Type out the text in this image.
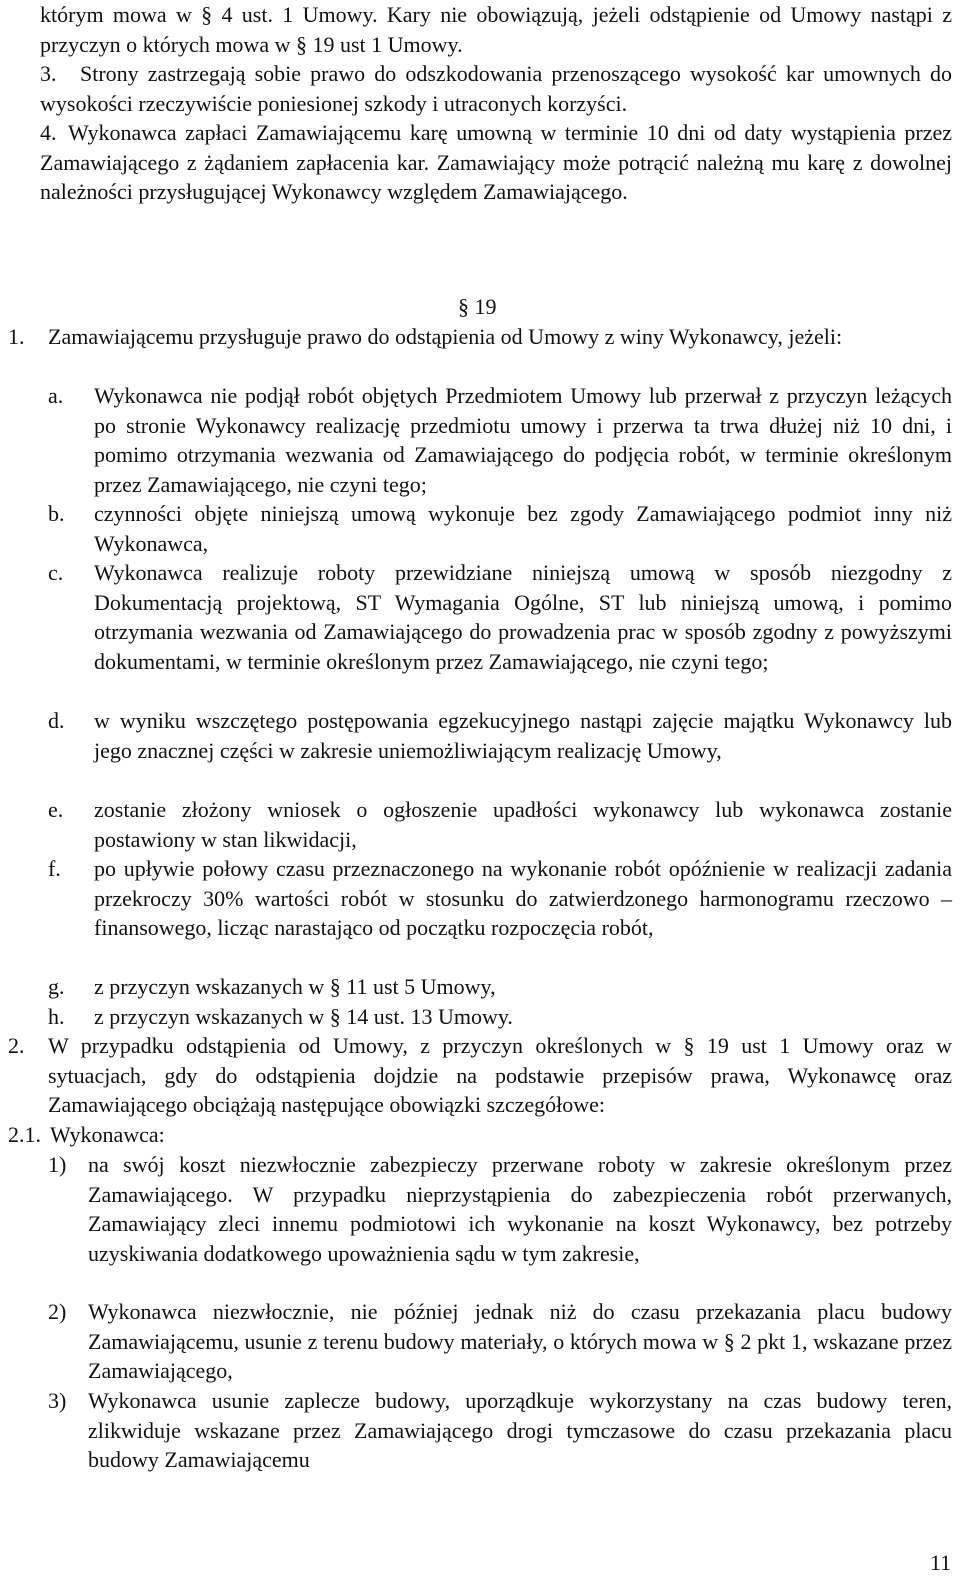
którym mowa w § 4 ust. 1 Umowy. Kary nie obowiązują, jeżeli odstąpienie od Umowy nastąpi z przyczyn o których mowa w § 19 ust 1 Umowy.
3.	Strony zastrzegają sobie prawo do odszkodowania przenoszącego wysokość kar umownych do wysokości rzeczywiście poniesionej szkody i utraconych korzyści.
4. Wykonawca zapłaci Zamawiającemu karę umowną w terminie 10 dni od daty wystąpienia przez Zamawiającego z żądaniem zapłacenia kar. Zamawiający może potrącić należną mu karę z dowolnej należności przysługującej Wykonawcy względem Zamawiającego.
§ 19
1. Zamawiającemu przysługuje prawo do odstąpienia od Umowy z winy Wykonawcy, jeżeli:
a. Wykonawca nie podjął robót objętych Przedmiotem Umowy lub przerwał z przyczyn leżących po stronie Wykonawcy realizację przedmiotu umowy i przerwa ta trwa dłużej niż 10 dni, i pomimo otrzymania wezwania od Zamawiającego do podjęcia robót, w terminie określonym przez Zamawiającego, nie czyni tego;
b. czynności objęte niniejszą umową wykonuje bez zgody Zamawiającego podmiot inny niż Wykonawca,
c. Wykonawca realizuje roboty przewidziane niniejszą umową w sposób niezgodny z Dokumentacją projektową, ST Wymagania Ogólne, ST lub niniejszą umową, i pomimo otrzymania wezwania od Zamawiającego do prowadzenia prac w sposób zgodny z powyższymi dokumentami, w terminie określonym przez Zamawiającego, nie czyni tego;
d. w wyniku wszczętego postępowania egzekucyjnego nastąpi zajęcie majątku Wykonawcy lub jego znacznej części w zakresie uniemożliwiającym realizację Umowy,
e. zostanie złożony wniosek o ogłoszenie upadłości wykonawcy lub wykonawca zostanie postawiony w stan likwidacji,
f. po upływie połowy czasu przeznaczonego na wykonanie robót opóźnienie w realizacji zadania przekroczy 30% wartości robót w stosunku do zatwierdzonego harmonogramu rzeczowo – finansowego, licząc narastająco od początku rozpoczęcia robót,
g. z przyczyn wskazanych w § 11 ust 5 Umowy,
h. z przyczyn wskazanych w § 14 ust. 13 Umowy.
2. W przypadku odstąpienia od Umowy, z przyczyn określonych w § 19 ust 1 Umowy oraz w sytuacjach, gdy do odstąpienia dojdzie na podstawie przepisów prawa, Wykonawcę oraz Zamawiającego obciążają następujące obowiązki szczegółowe:
2.1. Wykonawca:
1) na swój koszt niezwłocznie zabezpieczy przerwane roboty w zakresie określonym przez Zamawiającego. W przypadku nieprzystąpienia do zabezpieczenia robót przerwanych, Zamawiający zleci innemu podmiotowi ich wykonanie na koszt Wykonawcy, bez potrzeby uzyskiwania dodatkowego upoważnienia sądu w tym zakresie,
2) Wykonawca niezwłocznie, nie później jednak niż do czasu przekazania placu budowy Zamawiającemu, usunie z terenu budowy materiały, o których mowa w § 2 pkt 1, wskazane przez Zamawiającego,
3) Wykonawca usunie zaplecze budowy, uporządkuje wykorzystany na czas budowy teren, zlikwiduje wskazane przez Zamawiającego drogi tymczasowe do czasu przekazania placu budowy Zamawiającemu
11
